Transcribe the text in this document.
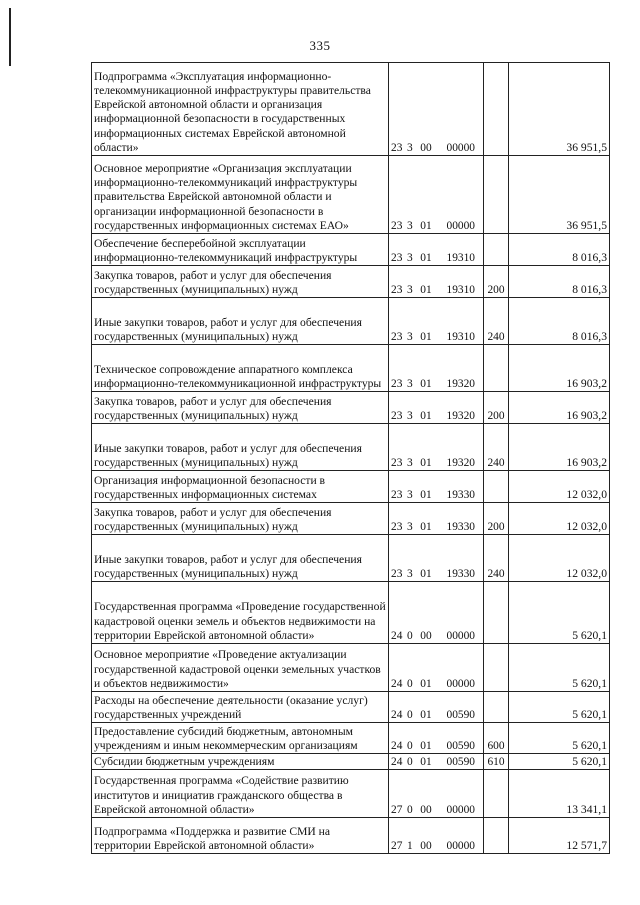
335
Подпрограмма «Эксплуатация информационно-телекоммуникационной инфраструктуры правительства Еврейской автономной области и организация информационной безопасности в государственных информационных системах Еврейской автономной области»	23 3 00 00000		36 951,5
Основное мероприятие «Организация эксплуатации информационно-телекоммуникаций инфраструктуры правительства Еврейской автономной области и организации информационной безопасности в государственных информационных системах ЕАО»	23 3 01 00000		36 951,5
Обеспечение бесперебойной эксплуатации информационно-телекоммуникаций инфраструктуры	23 3 01 19310		8 016,3
Закупка товаров, работ и услуг для обеспечения государственных (муниципальных) нужд	23 3 01 19310	200	8 016,3
Иные закупки товаров, работ и услуг для обеспечения государственных (муниципальных) нужд	23 3 01 19310	240	8 016,3
Техническое сопровождение аппаратного комплекса информационно-телекоммуникационной инфраструктуры	23 3 01 19320		16 903,2
Закупка товаров, работ и услуг для обеспечения государственных (муниципальных) нужд	23 3 01 19320	200	16 903,2
Иные закупки товаров, работ и услуг для обеспечения государственных (муниципальных) нужд	23 3 01 19320	240	16 903,2
Организация информационной безопасности в государственных информационных системах	23 3 01 19330		12 032,0
Закупка товаров, работ и услуг для обеспечения государственных (муниципальных) нужд	23 3 01 19330	200	12 032,0
Иные закупки товаров, работ и услуг для обеспечения государственных (муниципальных) нужд	23 3 01 19330	240	12 032,0
Государственная программа «Проведение государственной кадастровой оценки земель и объектов недвижимости на территории Еврейской автономной области»	24 0 00 00000		5 620,1
Основное мероприятие «Проведение актуализации государственной кадастровой оценки земельных участков и объектов недвижимости»	24 0 01 00000		5 620,1
Расходы на обеспечение деятельности (оказание услуг) государственных учреждений	24 0 01 00590		5 620,1
Предоставление субсидий бюджетным, автономным учреждениям и иным некоммерческим организациям	24 0 01 00590	600	5 620,1
Субсидии бюджетным учреждениям	24 0 01 00590	610	5 620,1
Государственная программа «Содействие развитию институтов и инициатив гражданского общества в Еврейской автономной области»	27 0 00 00000		13 341,1
Подпрограмма «Поддержка и развитие СМИ на территории Еврейской автономной области»	27 1 00 00000		12 571,7
